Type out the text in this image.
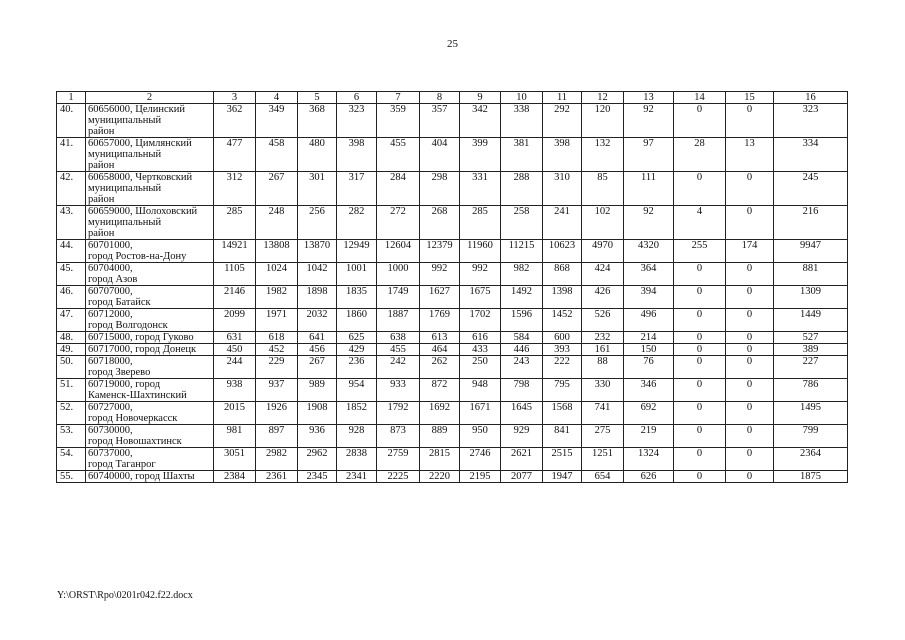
25
1	2	3	4	5	6	7	8	9	10	11	12	13	14	15	16
40.	60656000, Целинский
муниципальный
район	362	349	368	323	359	357	342	338	292	120	92	0	0	323
41.	60657000, Цимлянский
муниципальный
район	477	458	480	398	455	404	399	381	398	132	97	28	13	334
42.	60658000, Чертковский
муниципальный
район	312	267	301	317	284	298	331	288	310	85	111	0	0	245
43.	60659000, Шолоховский
муниципальный
район	285	248	256	282	272	268	285	258	241	102	92	4	0	216
44.	60701000,
город Ростов-на-Дону	14921	13808	13870	12949	12604	12379	11960	11215	10623	4970	4320	255	174	9947
45.	60704000,
город Азов	1105	1024	1042	1001	1000	992	992	982	868	424	364	0	0	881
46.	60707000,
город Батайск	2146	1982	1898	1835	1749	1627	1675	1492	1398	426	394	0	0	1309
47.	60712000,
город Волгодонск	2099	1971	2032	1860	1887	1769	1702	1596	1452	526	496	0	0	1449
48.	60715000, город Гуково	631	618	641	625	638	613	616	584	600	232	214	0	0	527
49.	60717000, город Донецк	450	452	456	429	455	464	433	446	393	161	150	0	0	389
50.	60718000,
город Зверево	244	229	267	236	242	262	250	243	222	88	76	0	0	227
51.	60719000, город
Каменск-Шахтинский	938	937	989	954	933	872	948	798	795	330	346	0	0	786
52.	60727000,
город Новочеркасск	2015	1926	1908	1852	1792	1692	1671	1645	1568	741	692	0	0	1495
53.	60730000,
город Новошахтинск	981	897	936	928	873	889	950	929	841	275	219	0	0	799
54.	60737000,
город Таганрог	3051	2982	2962	2838	2759	2815	2746	2621	2515	1251	1324	0	0	2364
55.	60740000, город Шахты	2384	2361	2345	2341	2225	2220	2195	2077	1947	654	626	0	0	1875
Y:\ORST\Rpo\0201r042.f22.docx
